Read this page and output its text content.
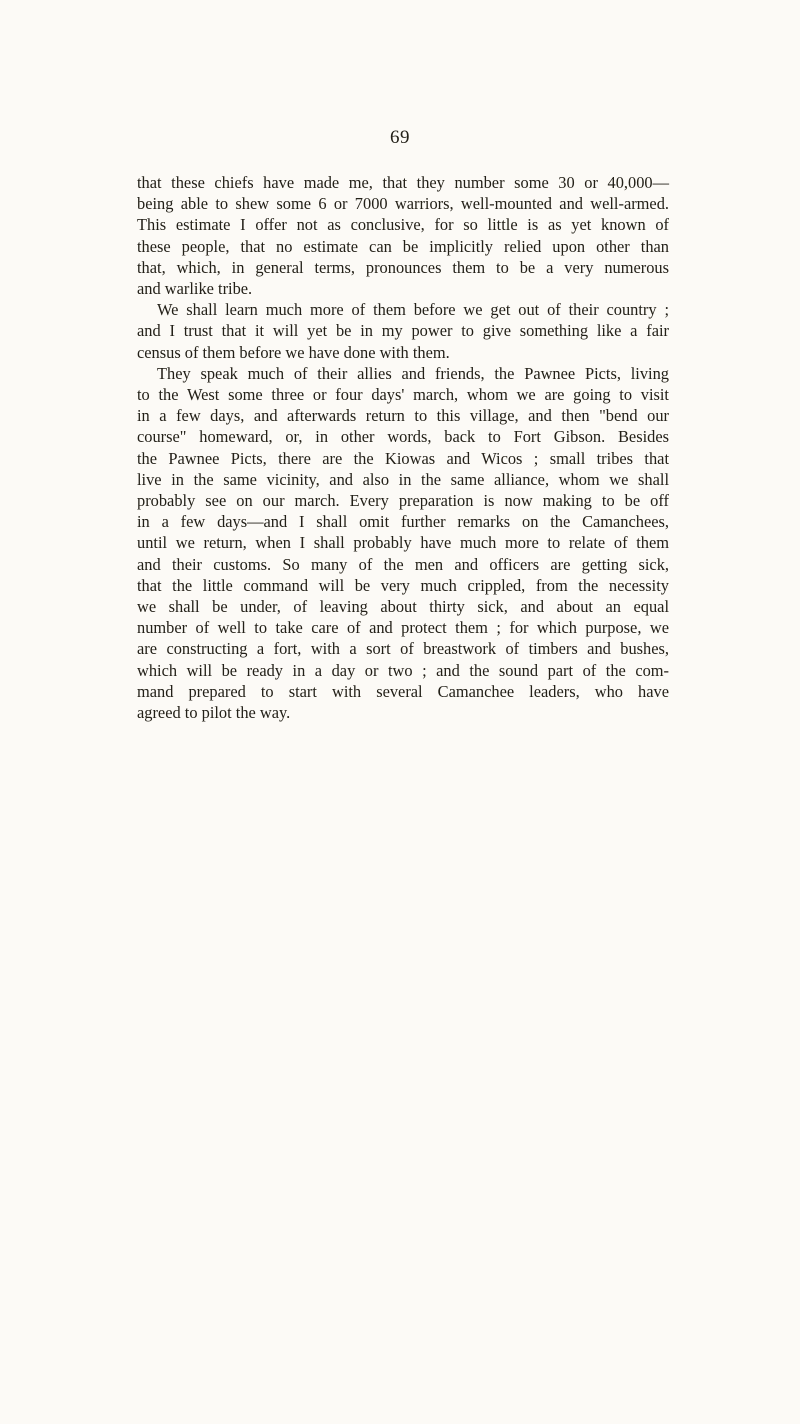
69
that these chiefs have made me, that they number some 30 or 40,000—
being able to shew some 6 or 7000 warriors, well-mounted and well-armed.
This estimate I offer not as conclusive, for so little is as yet known of
these people, that no estimate can be implicitly relied upon other than
that, which, in general terms, pronounces them to be a very numerous
and warlike tribe.
We shall learn much more of them before we get out of their country ;
and I trust that it will yet be in my power to give something like a fair
census of them before we have done with them.
They speak much of their allies and friends, the Pawnee Picts, living
to the West some three or four days' march, whom we are going to visit
in a few days, and afterwards return to this village, and then "bend our
course" homeward, or, in other words, back to Fort Gibson. Besides
the Pawnee Picts, there are the Kiowas and Wicos ; small tribes that
live in the same vicinity, and also in the same alliance, whom we shall
probably see on our march. Every preparation is now making to be off
in a few days—and I shall omit further remarks on the Camanchees,
until we return, when I shall probably have much more to relate of them
and their customs. So many of the men and officers are getting sick,
that the little command will be very much crippled, from the necessity
we shall be under, of leaving about thirty sick, and about an equal
number of well to take care of and protect them ; for which purpose, we
are constructing a fort, with a sort of breastwork of timbers and bushes,
which will be ready in a day or two ; and the sound part of the com-
mand prepared to start with several Camanchee leaders, who have
agreed to pilot the way.
